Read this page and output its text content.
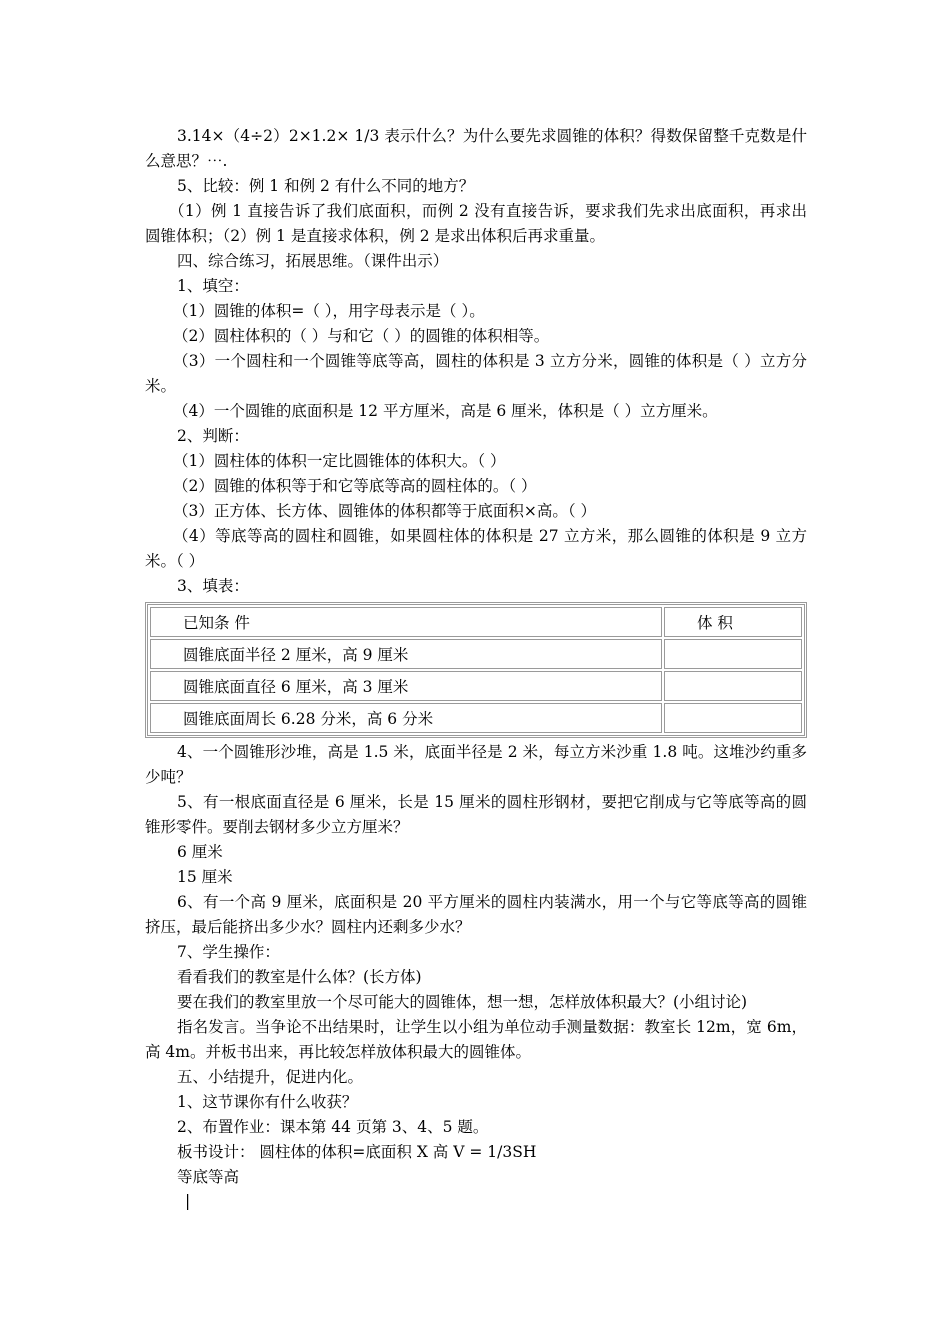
3.14×（4÷2）2×1.2× 1/3 表示什么？为什么要先求圆锥的体积？得数保留整千克数是什么意思？⋯.

5、比较：例 1 和例 2 有什么不同的地方？

（1）例 1 直接告诉了我们底面积，而例 2 没有直接告诉，要求我们先求出底面积，再求出圆锥体积；（2）例 1 是直接求体积，例 2 是求出体积后再求重量。

四、综合练习，拓展思维。（课件出示）

1、填空：

（1）圆锥的体积=（ ），用字母表示是（ ）。

（2）圆柱体积的（ ）与和它（ ）的圆锥的体积相等。

（3）一个圆柱和一个圆锥等底等高，圆柱的体积是 3 立方分米，圆锥的体积是（ ）立方分米。

（4）一个圆锥的底面积是 12 平方厘米，高是 6 厘米，体积是（ ）立方厘米。

2、判断：

（1）圆柱体的体积一定比圆锥体的体积大。（ ）

（2）圆锥的体积等于和它等底等高的圆柱体的。（ ）

（3）正方体、长方体、圆锥体的体积都等于底面积×高。（ ）

（4）等底等高的圆柱和圆锥，如果圆柱体的体积是 27 立方米，那么圆锥的体积是 9 立方米。（ ）

3、填表：

已知条 件	体 积
圆锥底面半径 2 厘米，高 9 厘米	
圆锥底面直径 6 厘米，高 3 厘米	
圆锥底面周长 6.28 分米，高 6 分米	

4、一个圆锥形沙堆，高是 1.5 米，底面半径是 2 米，每立方米沙重 1.8 吨。这堆沙约重多少吨？

5、有一根底面直径是 6 厘米，长是 15 厘米的圆柱形钢材，要把它削成与它等底等高的圆锥形零件。要削去钢材多少立方厘米？

6 厘米

15 厘米

6、有一个高 9 厘米，底面积是 20 平方厘米的圆柱内装满水，用一个与它等底等高的圆锥挤压，最后能挤出多少水？圆柱内还剩多少水？

7、学生操作：

看看我们的教室是什么体？(长方体)

要在我们的教室里放一个尽可能大的圆锥体，想一想，怎样放体积最大？(小组讨论)

指名发言。当争论不出结果时，让学生以小组为单位动手测量数据：教室长 12m，宽 6m，高 4m。并板书出来，再比较怎样放体积最大的圆锥体。

五、小结提升，促进内化。

1、这节课你有什么收获？

2、布置作业：课本第 44 页第 3、4、5 题。

板书设计： 圆柱体的体积=底面积 X 高 V = 1/3SH

等底等高

|
